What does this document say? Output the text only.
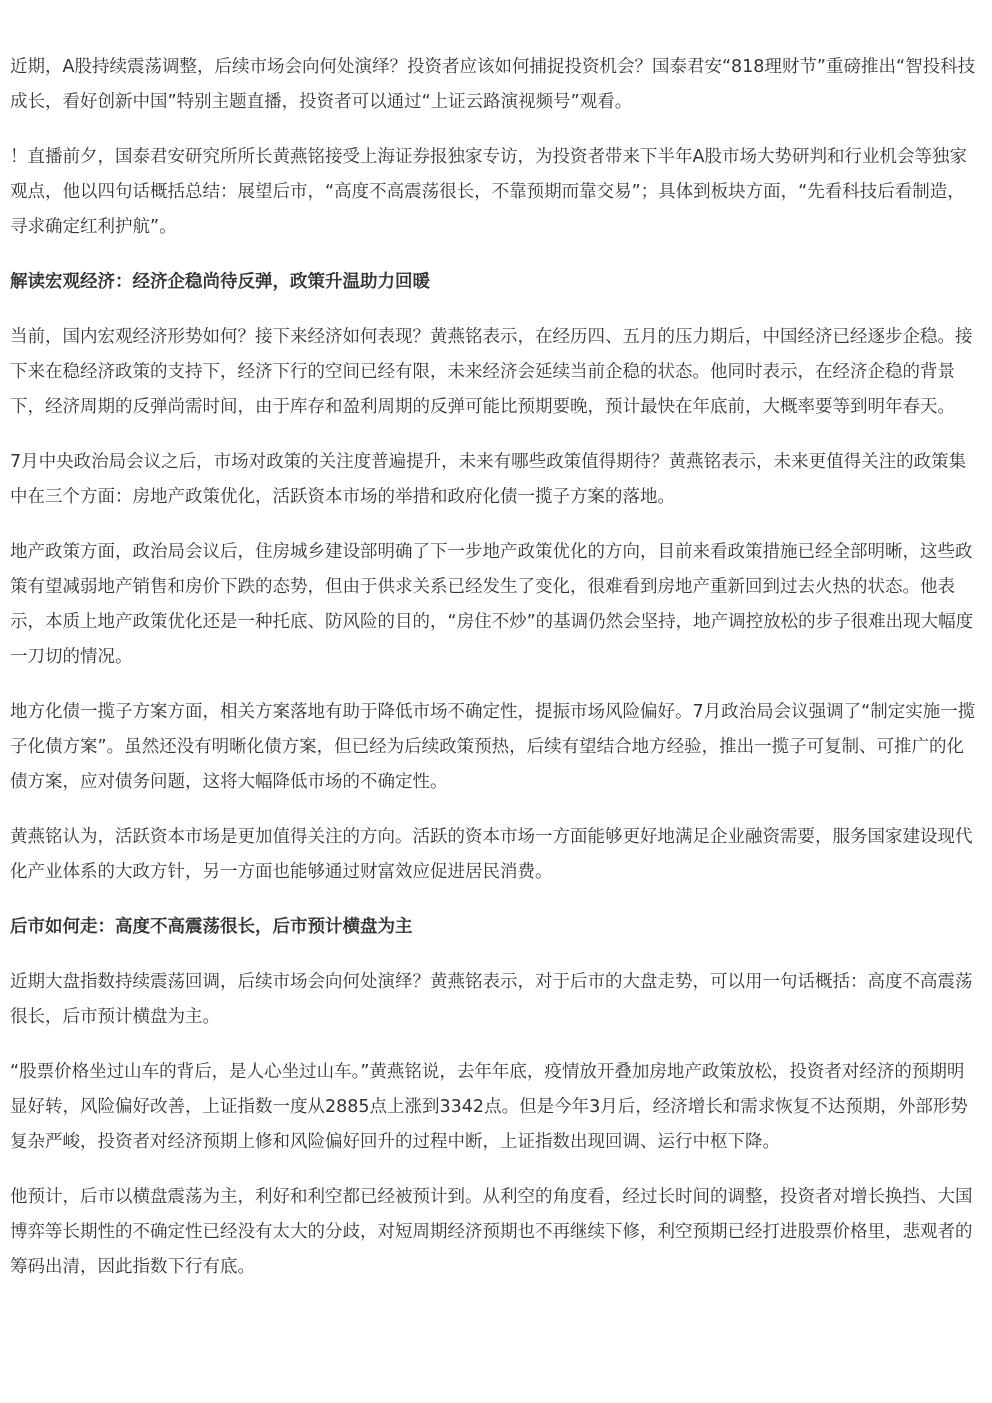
近期，A股持续震荡调整，后续市场会向何处演绎？投资者应该如何捕捉投资机会？国泰君安“818理财节”重磅推出“智投科技成长，看好创新中国”特别主题直播，投资者可以通过“上证云路演视频号”观看。

！直播前夕，国泰君安研究所所长黄燕铭接受上海证券报独家专访，为投资者带来下半年A股市场大势研判和行业机会等独家观点，他以四句话概括总结：展望后市，“高度不高震荡很长，不靠预期而靠交易”；具体到板块方面，“先看科技后看制造，寻求确定红利护航”。

解读宏观经济：经济企稳尚待反弹，政策升温助力回暖

当前，国内宏观经济形势如何？接下来经济如何表现？黄燕铭表示，在经历四、五月的压力期后，中国经济已经逐步企稳。接下来在稳经济政策的支持下，经济下行的空间已经有限，未来经济会延续当前企稳的状态。他同时表示，在经济企稳的背景下，经济周期的反弹尚需时间，由于库存和盈利周期的反弹可能比预期要晚，预计最快在年底前，大概率要等到明年春天。

7月中央政治局会议之后，市场对政策的关注度普遍提升，未来有哪些政策值得期待？黄燕铭表示，未来更值得关注的政策集中在三个方面：房地产政策优化，活跃资本市场的举措和政府化债一揽子方案的落地。

地产政策方面，政治局会议后，住房城乡建设部明确了下一步地产政策优化的方向，目前来看政策措施已经全部明晰，这些政策有望减弱地产销售和房价下跌的态势，但由于供求关系已经发生了变化，很难看到房地产重新回到过去火热的状态。他表示，本质上地产政策优化还是一种托底、防风险的目的，“房住不炒”的基调仍然会坚持，地产调控放松的步子很难出现大幅度一刀切的情况。

地方化债一揽子方案方面，相关方案落地有助于降低市场不确定性，提振市场风险偏好。7月政治局会议强调了“制定实施一揽子化债方案”。虽然还没有明晰化债方案，但已经为后续政策预热，后续有望结合地方经验，推出一揽子可复制、可推广的化债方案，应对债务问题，这将大幅降低市场的不确定性。

黄燕铭认为，活跃资本市场是更加值得关注的方向。活跃的资本市场一方面能够更好地满足企业融资需要，服务国家建设现代化产业体系的大政方针，另一方面也能够通过财富效应促进居民消费。

后市如何走：高度不高震荡很长，后市预计横盘为主

近期大盘指数持续震荡回调，后续市场会向何处演绎？黄燕铭表示，对于后市的大盘走势，可以用一句话概括：高度不高震荡很长，后市预计横盘为主。

“股票价格坐过山车的背后，是人心坐过山车。”黄燕铭说，去年年底，疫情放开叠加房地产政策放松，投资者对经济的预期明显好转，风险偏好改善，上证指数一度从2885点上涨到3342点。但是今年3月后，经济增长和需求恢复不达预期，外部形势复杂严峻，投资者对经济预期上修和风险偏好回升的过程中断，上证指数出现回调、运行中枢下降。

他预计，后市以横盘震荡为主，利好和利空都已经被预计到。从利空的角度看，经过长时间的调整，投资者对增长换挡、大国博弈等长期性的不确定性已经没有太大的分歧，对短周期经济预期也不再继续下修，利空预期已经打进股票价格里，悲观者的筹码出清，因此指数下行有底。
